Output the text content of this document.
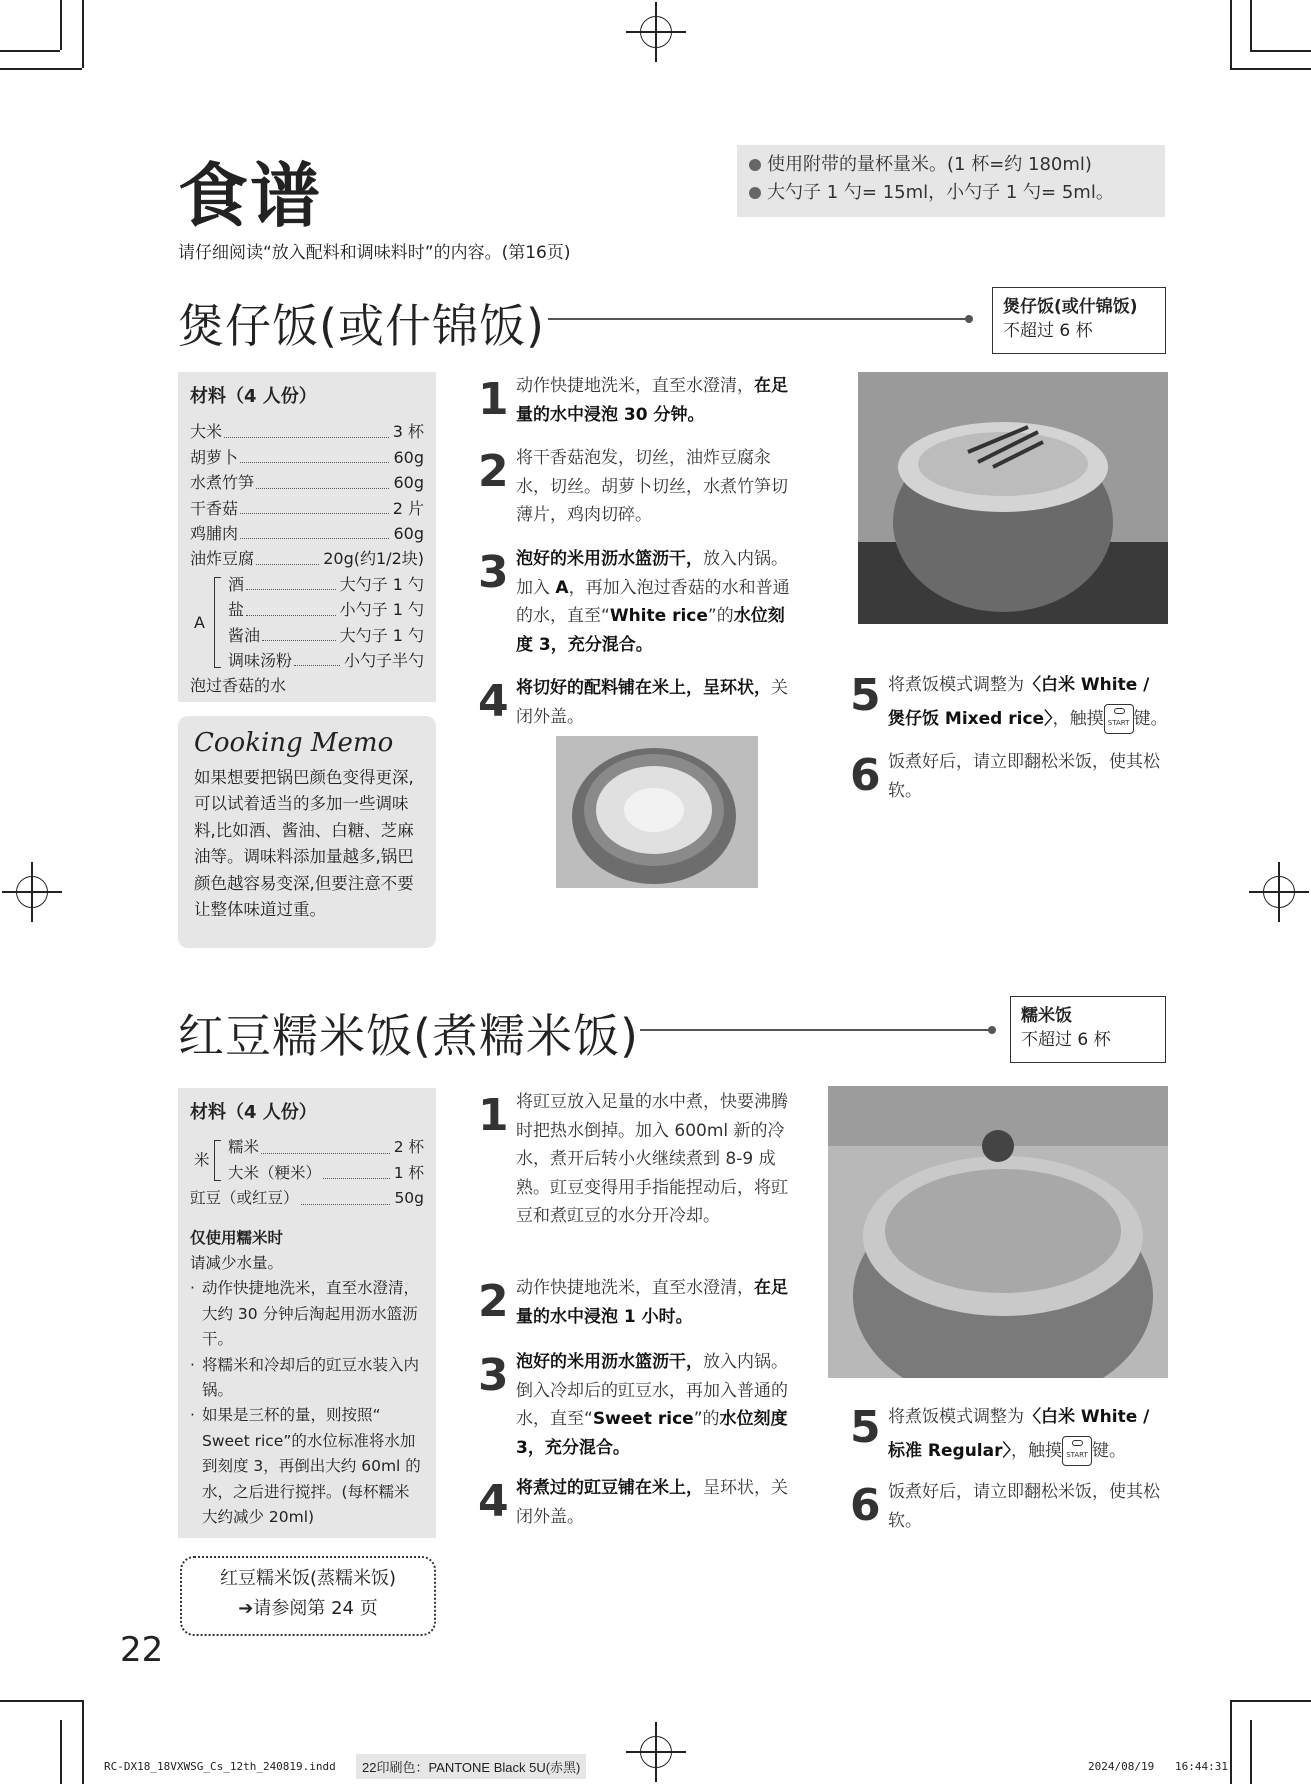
食谱	使用附带的量杯量米。(1 杯=约 180ml)
大勺子 1 勺= 15ml，小勺子 1 勺= 5ml。
请仔细阅读“放入配料和调味料时”的内容。(第16页)
煲仔饭(或什锦饭)	煲仔饭(或什锦饭)
不超过 6 杯
材料（4 人份）
大米	3 杯
胡萝卜	60g
水煮竹笋	60g
干香菇	2 片
鸡脯肉	60g
油炸豆腐	20g(约1/2块)
A
酒	大勺子 1 勺
盐	小勺子 1 勺
酱油	大勺子 1 勺
调味汤粉	小勺子半勺
泡过香菇的水
Cooking Memo
如果想要把锅巴颜色变得更深,可以试着适当的多加一些调味料,比如酒、酱油、白糖、芝麻油等。调味料添加量越多,锅巴颜色越容易变深,但要注意不要让整体味道过重。
1 动作快捷地洗米，直至水澄清，在足量的水中浸泡 30 分钟。
2 将干香菇泡发，切丝，油炸豆腐汆水，切丝。胡萝卜切丝，水煮竹笋切薄片，鸡肉切碎。
3 泡好的米用沥水篮沥干，放入内锅。加入 A，再加入泡过香菇的水和普通的水，直至“White rice”的水位刻度 3，充分混合。
4 将切好的配料铺在米上，呈环状，关闭外盖。	5 将煮饭模式调整为〈白米 White / 煲仔饭 Mixed rice〉，触摸 START 键。
6 饭煮好后，请立即翻松米饭，使其松软。
红豆糯米饭(煮糯米饭)	糯米饭
不超过 6 杯
材料（4 人份）
米
糯米	2 杯
大米（粳米）	1 杯
豇豆（或红豆）	50g
仅使用糯米时
请减少水量。
· 动作快捷地洗米，直至水澄清，大约 30 分钟后淘起用沥水篮沥干。
· 将糯米和冷却后的豇豆水装入内锅。
· 如果是三杯的量，则按照“ Sweet rice”的水位标准将水加到刻度 3，再倒出大约 60ml 的水，之后进行搅拌。(每杯糯米大约减少 20ml)
红豆糯米饭(蒸糯米饭)
➔请参阅第 24 页
22
1 将豇豆放入足量的水中煮，快要沸腾时把热水倒掉。加入 600ml 新的冷水，煮开后转小火继续煮到 8-9 成熟。豇豆变得用手指能捏动后，将豇豆和煮豇豆的水分开冷却。
2 动作快捷地洗米，直至水澄清，在足量的水中浸泡 1 小时。
3 泡好的米用沥水篮沥干，放入内锅。倒入冷却后的豇豆水，再加入普通的水，直至“Sweet rice”的水位刻度 3，充分混合。
4 将煮过的豇豆铺在米上，呈环状，关闭外盖。
5 将煮饭模式调整为〈白米 White / 标准 Regular〉，触摸 START 键。
6 饭煮好后，请立即翻松米饭，使其松软。
RC-DX18_18VXWSG_Cs_12th_240819.indd	22印刷色：PANTONE Black 5U(赤黑)	2024/08/19 16:44:31
